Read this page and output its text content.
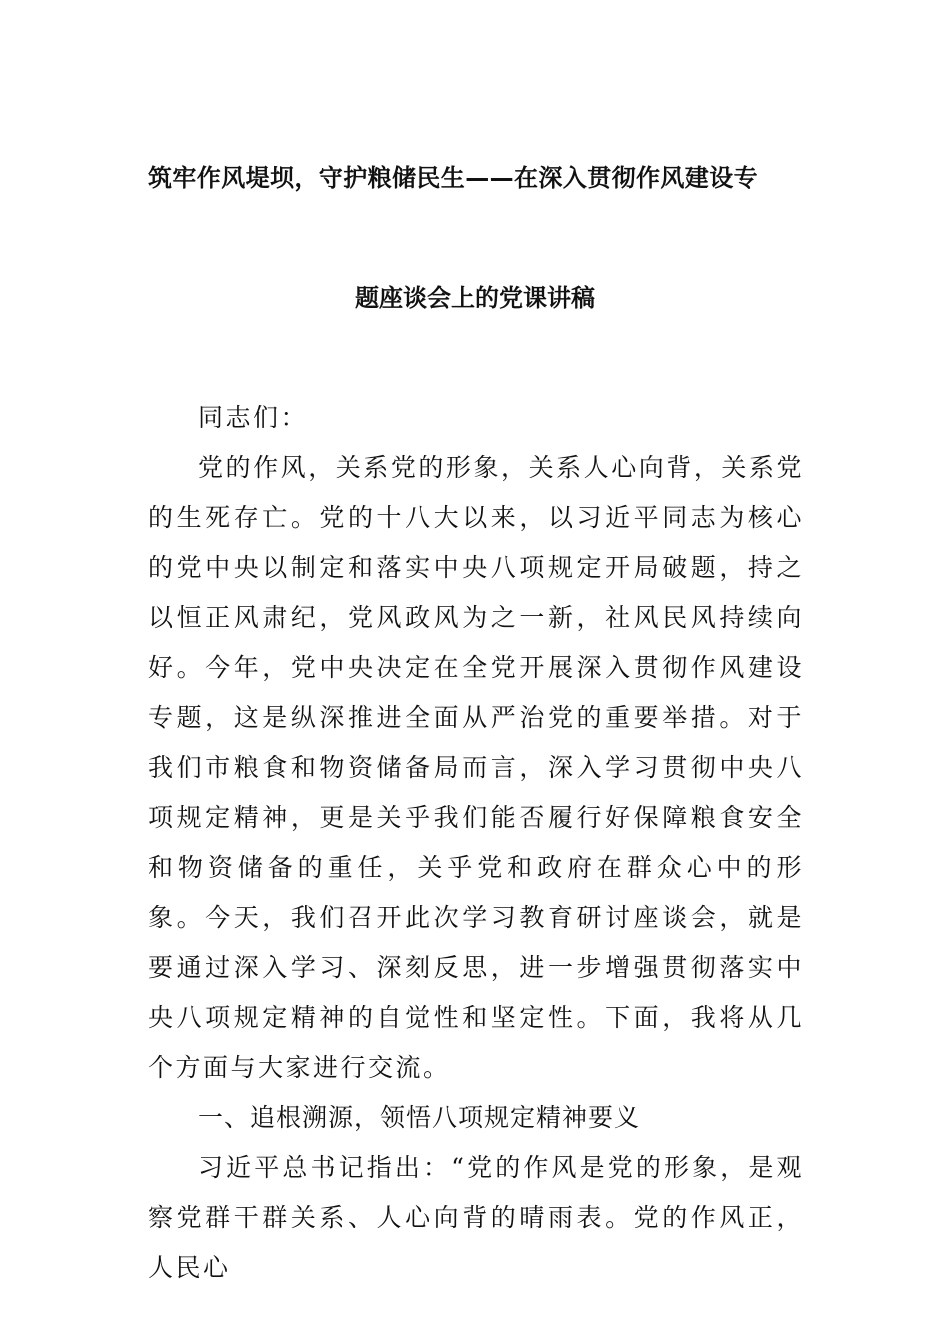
筑牢作风堤坝，守护粮储民生——在深入贯彻作风建设专
题座谈会上的党课讲稿

同志们：

党的作风，关系党的形象，关系人心向背，关系党的生死存亡。党的十八大以来，以习近平同志为核心的党中央以制定和落实中央八项规定开局破题，持之以恒正风肃纪，党风政风为之一新，社风民风持续向好。今年，党中央决定在全党开展深入贯彻作风建设专题，这是纵深推进全面从严治党的重要举措。对于我们市粮食和物资储备局而言，深入学习贯彻中央八项规定精神，更是关乎我们能否履行好保障粮食安全和物资储备的重任，关乎党和政府在群众心中的形象。今天，我们召开此次学习教育研讨座谈会，就是要通过深入学习、深刻反思，进一步增强贯彻落实中央八项规定精神的自觉性和坚定性。下面，我将从几个方面与大家进行交流。

一、追根溯源，领悟八项规定精神要义

习近平总书记指出：“党的作风是党的形象，是观察党群干群关系、人心向背的晴雨表。党的作风正，人民心
